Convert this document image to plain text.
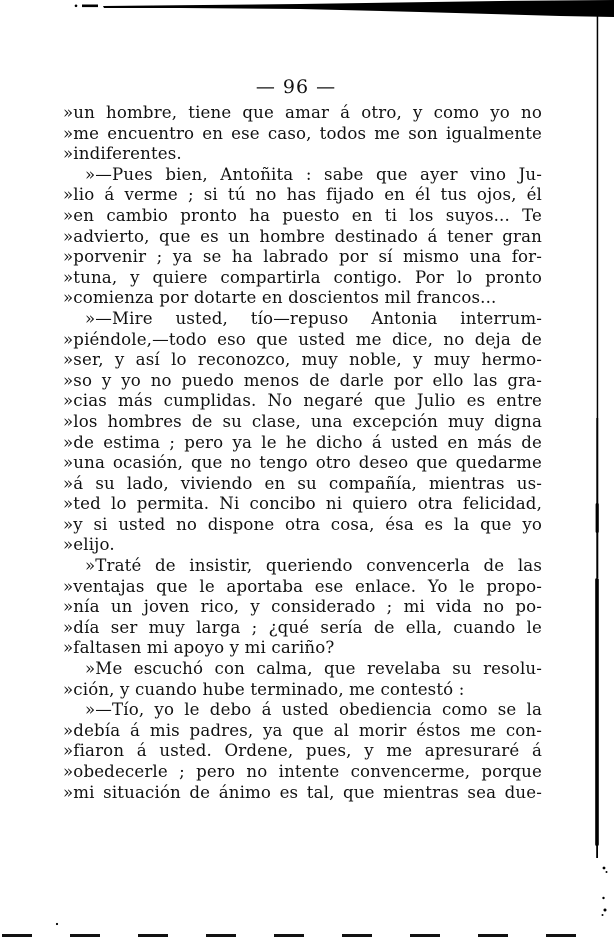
— 96 —
»un hombre, tiene que amar á otro, y como yo no
»me encuentro en ese caso, todos me son igualmente
»indiferentes.
»—Pues bien, Antoñita : sabe que ayer vino Ju-
»lio á verme ; si tú no has fijado en él tus ojos, él
»en cambio pronto ha puesto en ti los suyos... Te
»advierto, que es un hombre destinado á tener gran
»porvenir ; ya se ha labrado por sí mismo una for-
»tuna, y quiere compartirla contigo. Por lo pronto
»comienza por dotarte en doscientos mil francos...
»—Mire usted, tío—repuso Antonia interrum-
»piéndole,—todo eso que usted me dice, no deja de
»ser, y así lo reconozco, muy noble, y muy hermo-
»so y yo no puedo menos de darle por ello las gra-
»cias más cumplidas. No negaré que Julio es entre
»los hombres de su clase, una excepción muy digna
»de estima ; pero ya le he dicho á usted en más de
»una ocasión, que no tengo otro deseo que quedarme
»á su lado, viviendo en su compañía, mientras us-
»ted lo permita. Ni concibo ni quiero otra felicidad,
»y si usted no dispone otra cosa, ésa es la que yo
»elijo.
»Traté de insistir, queriendo convencerla de las
»ventajas que le aportaba ese enlace. Yo le propo-
»nía un joven rico, y considerado ; mi vida no po-
»día ser muy larga ; ¿qué sería de ella, cuando le
»faltasen mi apoyo y mi cariño?
»Me escuchó con calma, que revelaba su resolu-
»ción, y cuando hube terminado, me contestó :
»—Tío, yo le debo á usted obediencia como se la
»debía á mis padres, ya que al morir éstos me con-
»fiaron á usted. Ordene, pues, y me apresuraré á
»obedecerle ; pero no intente convencerme, porque
»mi situación de ánimo es tal, que mientras sea due-
